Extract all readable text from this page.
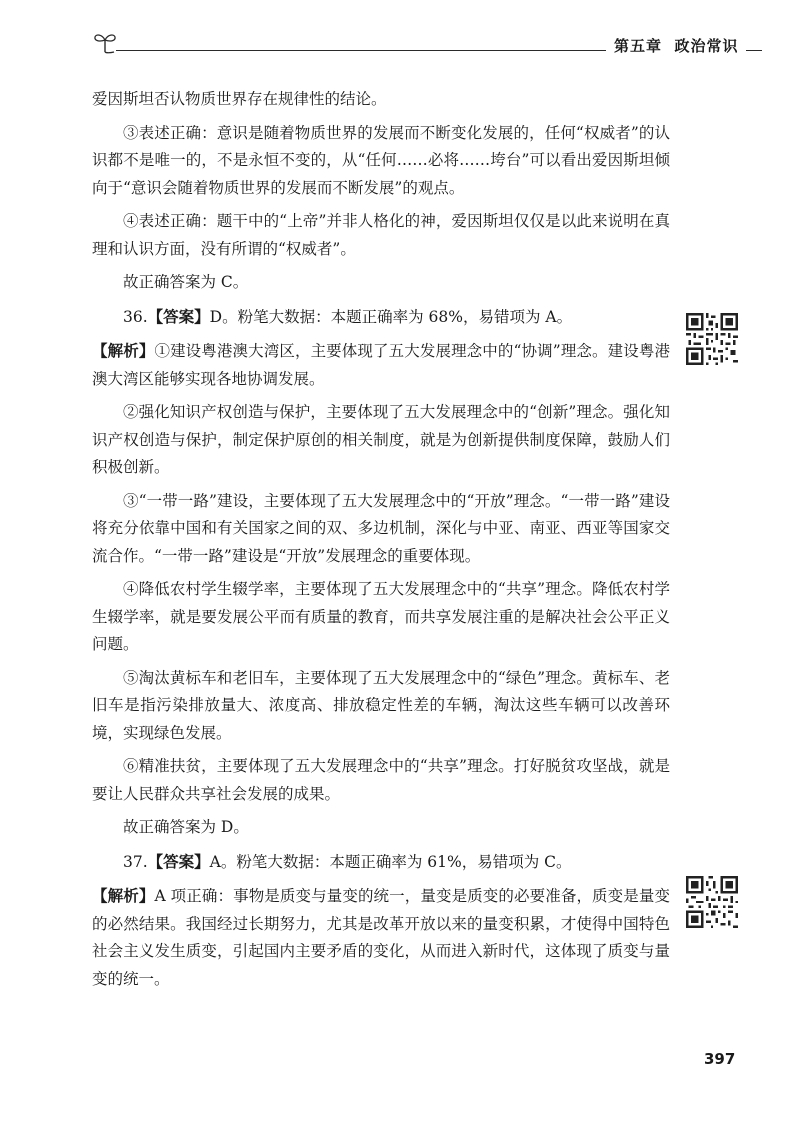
第五章 政治常识

爱因斯坦否认物质世界存在规律性的结论。

③表述正确：意识是随着物质世界的发展而不断变化发展的，任何“权威者”的认识都不是唯一的，不是永恒不变的，从“任何……必将……垮台”可以看出爱因斯坦倾向于“意识会随着物质世界的发展而不断发展”的观点。

④表述正确：题干中的“上帝”并非人格化的神，爱因斯坦仅仅是以此来说明在真理和认识方面，没有所谓的“权威者”。

故正确答案为 C。

36.【答案】D。粉笔大数据：本题正确率为 68%，易错项为 A。

【解析】①建设粤港澳大湾区，主要体现了五大发展理念中的“协调”理念。建设粤港澳大湾区能够实现各地协调发展。

②强化知识产权创造与保护，主要体现了五大发展理念中的“创新”理念。强化知识产权创造与保护，制定保护原创的相关制度，就是为创新提供制度保障，鼓励人们积极创新。

③“一带一路”建设，主要体现了五大发展理念中的“开放”理念。“一带一路”建设将充分依靠中国和有关国家之间的双、多边机制，深化与中亚、南亚、西亚等国家交流合作。“一带一路”建设是“开放”发展理念的重要体现。

④降低农村学生辍学率，主要体现了五大发展理念中的“共享”理念。降低农村学生辍学率，就是要发展公平而有质量的教育，而共享发展注重的是解决社会公平正义问题。

⑤淘汰黄标车和老旧车，主要体现了五大发展理念中的“绿色”理念。黄标车、老旧车是指污染排放量大、浓度高、排放稳定性差的车辆，淘汰这些车辆可以改善环境，实现绿色发展。

⑥精准扶贫，主要体现了五大发展理念中的“共享”理念。打好脱贫攻坚战，就是要让人民群众共享社会发展的成果。

故正确答案为 D。

37.【答案】A。粉笔大数据：本题正确率为 61%，易错项为 C。

【解析】A 项正确：事物是质变与量变的统一，量变是质变的必要准备，质变是量变的必然结果。我国经过长期努力，尤其是改革开放以来的量变积累，才使得中国特色社会主义发生质变，引起国内主要矛盾的变化，从而进入新时代，这体现了质变与量变的统一。

397
